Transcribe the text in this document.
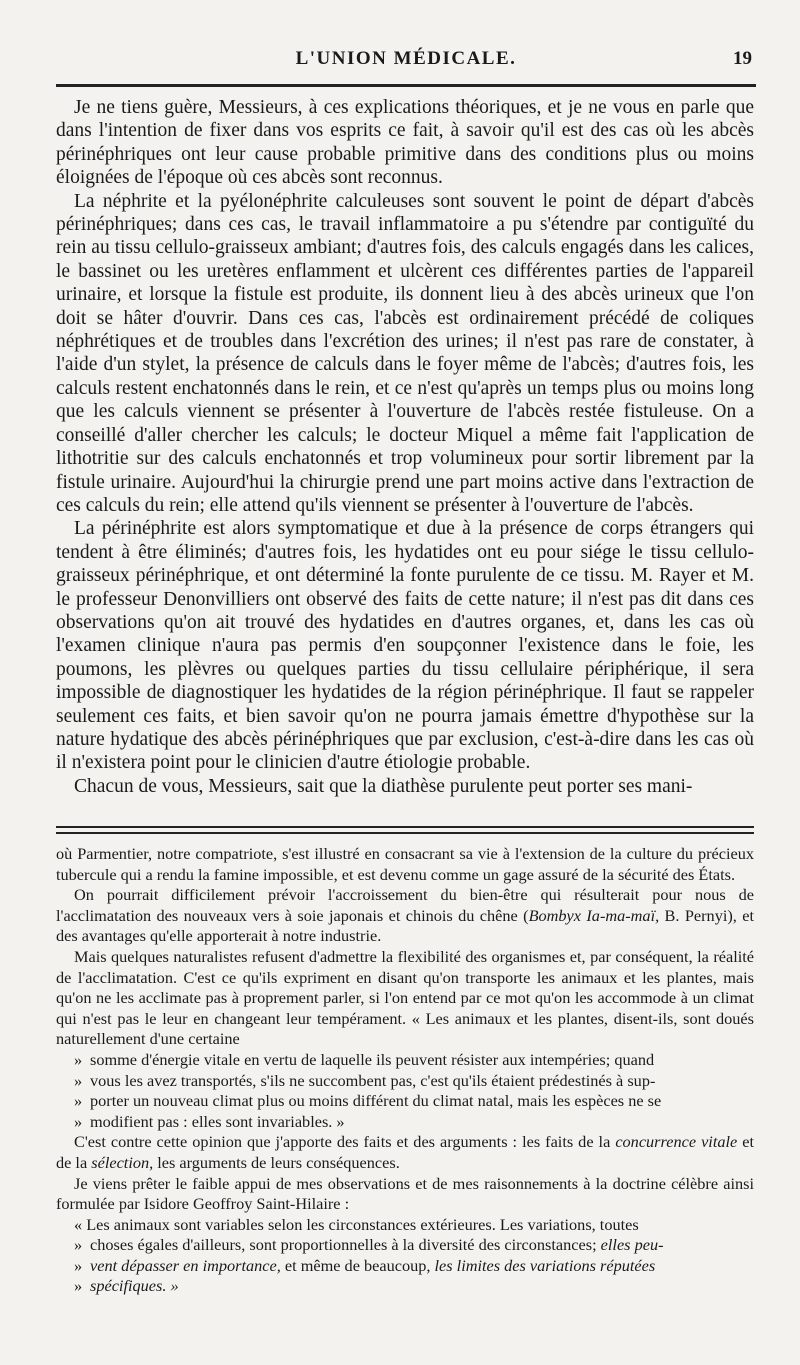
L'UNION MÉDICALE.	19

Je ne tiens guère, Messieurs, à ces explications théoriques, et je ne vous en parle que dans l'intention de fixer dans vos esprits ce fait, à savoir qu'il est des cas où les abcès périnéphriques ont leur cause probable primitive dans des conditions plus ou moins éloignées de l'époque où ces abcès sont reconnus.

La néphrite et la pyélonéphrite calculeuses sont souvent le point de départ d'abcès périnéphriques; dans ces cas, le travail inflammatoire a pu s'étendre par contiguïté du rein au tissu cellulo-graisseux ambiant; d'autres fois, des calculs engagés dans les calices, le bassinet ou les uretères enflamment et ulcèrent ces différentes parties de l'appareil urinaire, et lorsque la fistule est produite, ils donnent lieu à des abcès urineux que l'on doit se hâter d'ouvrir. Dans ces cas, l'abcès est ordinairement précédé de coliques néphrétiques et de troubles dans l'excrétion des urines; il n'est pas rare de constater, à l'aide d'un stylet, la présence de calculs dans le foyer même de l'abcès; d'autres fois, les calculs restent enchatonnés dans le rein, et ce n'est qu'après un temps plus ou moins long que les calculs viennent se présenter à l'ouverture de l'abcès restée fistuleuse. On a conseillé d'aller chercher les calculs; le docteur Miquel a même fait l'application de lithotritie sur des calculs enchatonnés et trop volumineux pour sortir librement par la fistule urinaire. Aujourd'hui la chirurgie prend une part moins active dans l'extraction de ces calculs du rein; elle attend qu'ils viennent se présenter à l'ouverture de l'abcès.

La périnéphrite est alors symptomatique et due à la présence de corps étrangers qui tendent à être éliminés; d'autres fois, les hydatides ont eu pour siége le tissu cellulo-graisseux périnéphrique, et ont déterminé la fonte purulente de ce tissu. M. Rayer et M. le professeur Denonvilliers ont observé des faits de cette nature; il n'est pas dit dans ces observations qu'on ait trouvé des hydatides en d'autres organes, et, dans les cas où l'examen clinique n'aura pas permis d'en soupçonner l'existence dans le foie, les poumons, les plèvres ou quelques parties du tissu cellulaire périphérique, il sera impossible de diagnostiquer les hydatides de la région périnéphrique. Il faut se rappeler seulement ces faits, et bien savoir qu'on ne pourra jamais émettre d'hypothèse sur la nature hydatique des abcès périnéphriques que par exclusion, c'est-à-dire dans les cas où il n'existera point pour le clinicien d'autre étiologie probable.

Chacun de vous, Messieurs, sait que la diathèse purulente peut porter ses mani-

où Parmentier, notre compatriote, s'est illustré en consacrant sa vie à l'extension de la culture du précieux tubercule qui a rendu la famine impossible, et est devenu comme un gage assuré de la sécurité des États.

On pourrait difficilement prévoir l'accroissement du bien-être qui résulterait pour nous de l'acclimatation des nouveaux vers à soie japonais et chinois du chêne (Bombyx Ia-ma-maï, B. Pernyi), et des avantages qu'elle apporterait à notre industrie.

Mais quelques naturalistes refusent d'admettre la flexibilité des organismes et, par conséquent, la réalité de l'acclimatation. C'est ce qu'ils expriment en disant qu'on transporte les animaux et les plantes, mais qu'on ne les acclimate pas à proprement parler, si l'on entend par ce mot qu'on les accommode à un climat qui n'est pas le leur en changeant leur tempérament. « Les animaux et les plantes, disent-ils, sont doués naturellement d'une certaine

» somme d'énergie vitale en vertu de laquelle ils peuvent résister aux intempéries; quand

» vous les avez transportés, s'ils ne succombent pas, c'est qu'ils étaient prédestinés à sup-

» porter un nouveau climat plus ou moins différent du climat natal, mais les espèces ne se

» modifient pas : elles sont invariables. »

C'est contre cette opinion que j'apporte des faits et des arguments : les faits de la concurrence vitale et de la sélection, les arguments de leurs conséquences.

Je viens prêter le faible appui de mes observations et de mes raisonnements à la doctrine célèbre ainsi formulée par Isidore Geoffroy Saint-Hilaire :

« Les animaux sont variables selon les circonstances extérieures. Les variations, toutes

» choses égales d'ailleurs, sont proportionnelles à la diversité des circonstances; elles peu-

» vent dépasser en importance, et même de beaucoup, les limites des variations réputées

» spécifiques. »
